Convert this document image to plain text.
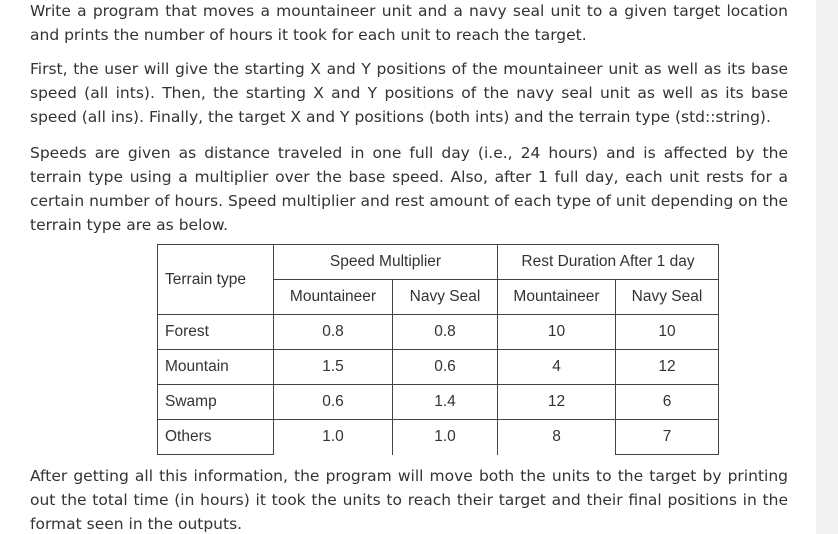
Write a program that moves a mountaineer unit and a navy seal unit to a given target location and prints the number of hours it took for each unit to reach the target.

First, the user will give the starting X and Y positions of the mountaineer unit as well as its base speed (all ints). Then, the starting X and Y positions of the navy seal unit as well as its base speed (all ins). Finally, the target X and Y positions (both ints) and the terrain type (std::string).

Speeds are given as distance traveled in one full day (i.e., 24 hours) and is affected by the terrain type using a multiplier over the base speed. Also, after 1 full day, each unit rests for a certain number of hours. Speed multiplier and rest amount of each type of unit depending on the terrain type are as below.

Terrain type	Speed Multiplier		Rest Duration After 1 day	
	Mountaineer	Navy Seal	Mountaineer	Navy Seal
Forest	0.8	0.8	10	10
Mountain	1.5	0.6	4	12
Swamp	0.6	1.4	12	6
Others	1.0	1.0	8	7

After getting all this information, the program will move both the units to the target by printing out the total time (in hours) it took the units to reach their target and their final positions in the format seen in the outputs.
